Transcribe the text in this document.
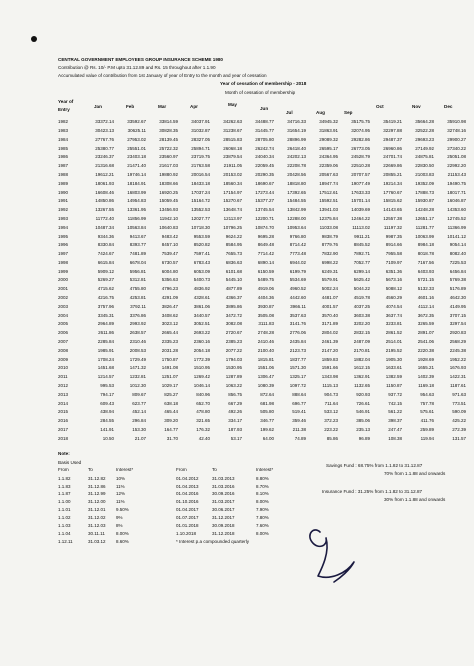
CENTRAL GOVERNMENT EMPLOYEES GROUP INSURANCE SCHEME 1980
Contribution @ Rs. 10/- P.M upto 31.12.89 and Rs. 15 throughout after 1.1.90
Accumulated value of contribution from 1st January of year of Entry to the month and year of cessation
Year of cessation of membership - 2018
Month of cessation of membership
Year of
Entry
Jan	Feb	Mar	Apr	May
Jun
Jul	Aug	Sep
Oct	Nov	Dec
1982	33372.14	33592.67	33814.59	34037.91	34262.63	34488.77	34716.33	34945.32	35175.75	35419.21	35664.28	35910.98
1983	30423.13	30625.11	30828.35	31032.87	31238.67	31445.77	31654.19	31863.91	32074.95	32297.88	32522.28	32748.16
1984	27767.76	27953.02	28139.45	28327.05	28515.83	28705.80	28896.99	29089.32	29282.86	29487.37	29693.23	29900.27
1985	25380.77	25551.01	25722.32	25894.71	26068.18	26242.74	26418.40	26595.17	26773.05	26960.86	27149.92	27340.22
1986	23246.37	23403.18	23560.97	23719.75	23879.54	24040.34	24202.13	24364.95	24528.79	24701.74	24875.81	25051.08
1987	21316.68	21471.40	21617.03	21763.58	21911.05	22059.45	22208.78	22359.06	22510.28	22669.86	22830.50	22992.20
1988	19612.21	19746.14	19880.92	20016.54	20153.02	20290.35	20428.56	20567.63	20707.57	20855.21	21003.83	21153.43
1989	18061.93	18184.91	18308.66	18433.18	18560.34	18690.67	18818.80	18947.74	19077.49	19214.34	19352.09	19490.75
1990	16608.46	16803.99	16920.25	17037.24	17154.97	17273.44	17392.65	17512.61	17633.33	17760.67	17888.73	18017.71
1991	14850.86	14954.83	15059.45	15164.72	15270.67	15377.27	15484.55	15592.51	15701.14	15815.62	15930.87	16046.87
1992	13267.55	13361.95	13456.93	13552.53	13648.74	13745.54	13842.99	13941.03	14039.69	14143.65	14248.28	14353.60
1993	11772.40	11856.99	11942.10	12027.77	12113.97	12200.71	12288.00	12375.84	12464.22	12557.38	12651.17	12745.52
1994	10487.34	10563.84	10640.83	10718.30	10796.25	10874.70	10953.64	11033.08	11113.02	11197.32	11281.77	11366.99
1995	9344.36	9413.67	9483.42	9553.59	9624.22	9695.28	9766.80	9838.79	9911.21	9987.35	10063.99	10141.12
1996	8330.84	8393.77	8457.10	8520.82	8584.95	8649.48	8714.42	8779.76	8845.52	8914.66	8984.18	9054.14
1997	7424.67	7481.89	7539.47	7597.41	7655.73	7714.42	7773.48	7832.90	7892.71	7955.58	8018.78	8082.40
1998	6615.84	6678.04	6730.57	6783.43	6836.63	6890.14	6944.02	6998.22	7052.77	7109.97	7167.56	7225.53
1999	5909.12	5956.81	6004.80	6053.09	6101.68	6150.59	6199.79	6249.31	6299.14	6351.36	6403.93	6456.84
2000	5269.27	5312.81	5356.63	5400.73	5445.10	5489.75	5534.69	5579.91	5625.42	5673.16	5721.15	5769.38
2001	4715.62	4755.80	4796.23	4836.92	4877.89	4919.06	4960.52	5002.24	5044.22	5088.12	5132.33	5176.89
2002	4216.75	4253.81	4291.09	4328.61	4366.37	4404.36	4442.60	4481.07	4519.78	4560.29	4601.16	4642.30
2003	3757.96	3792.11	3826.47	3861.06	3895.86	3930.87	3966.11	4001.57	4037.25	4074.54	4112.14	4149.95
2004	3345.31	3376.86	3408.62	3440.57	3472.72	3505.08	3537.63	3570.40	3603.38	3637.74	3672.35	3707.15
2005	2964.89	2993.92	3023.12	3052.51	3082.08	3111.83	3141.76	3171.89	3202.20	3233.81	3265.59	3297.54
2006	2611.86	2638.57	2665.44	2693.22	2720.67	2748.28	2776.06	2804.02	2832.15	2861.52	2891.07	2920.83
2007	2285.84	2310.46	2335.23	2360.16	2385.23	2410.46	2435.84	2461.39	2487.09	2514.01	2541.06	2568.29
2008	1985.91	2008.53	2031.28	2054.18	2077.22	2100.40	2123.73	2147.20	2170.81	2195.52	2220.38	2245.38
2009	1708.24	1729.49	1750.87	1772.39	1794.03	1815.81	1837.77	1859.83	1882.04	1905.30	1928.69	1952.22
2010	1451.68	1471.32	1491.08	1510.95	1530.95	1551.06	1571.30	1591.66	1612.15	1633.61	1655.21	1676.93
2011	1214.57	1232.81	1251.07	1269.42	1287.89	1306.47	1325.17	1343.98	1362.91	1382.59	1402.39	1422.31
2012	995.53	1012.30	1029.17	1046.14	1063.22	1080.39	1097.72	1115.13	1132.65	1150.87	1169.18	1187.61
2013	794.17	809.67	825.27	840.96	856.75	872.64	888.64	904.73	920.93	937.72	954.63	971.63
2014	609.43	623.77	638.18	652.70	667.29	681.98	696.77	711.64	726.61	742.15	757.78	773.51
2015	438.94	452.14	465.44	478.80	492.26	505.80	519.41	533.12	546.91	561.22	575.61	590.09
2016	284.55	296.84	309.20	321.65	334.17	346.77	359.46	372.23	385.06	398.37	411.76	425.22
2017	141.91	153.30	164.77	176.32	187.93	199.62	211.38	223.22	235.13	247.47	259.89	272.39
2018	10.50	21.07	31.70	42.40	53.17	64.00	74.89	85.86	96.89	108.38	119.94	131.57
Note:
Basis Used
From	To	Interest*	From	To	Interest*
1.1.82	31.12.82	10%
1.1.83	31.12.86	11%
1.1.87	31.12.99	12%
1.1.00	31.12.00	11%
1.1.01	31.12.01	9.50%
1.1.02	31.12.02	9%
1.1.03	31.12.03	8%
1.1.04	30.11.11	8.00%
1.12.11	31.03.12	8.60%
01.04.2012	31.03.2013	8.80%
01.04.2013	31.03.2016	8.70%
01.04.2016	30.09.2016	8.10%
01.10.2016	31.03.2017	8.00%
01.04.2017	30.06.2017	7.90%
01.07.2017	31.12.2017	7.80%
01.01.2018	30.09.2018	7.60%
1.10.2018	31.12.2018	8.00%
* Interest p.a compounded quarterly
Savings Fund : 68.75% from 1.1.82 to 31.12.87
70% from 1.1.88 and onwards
Insurance Fund : 31.25% from 1.1.82 to 31.12.87
30% from 1.1.88 and onwards
